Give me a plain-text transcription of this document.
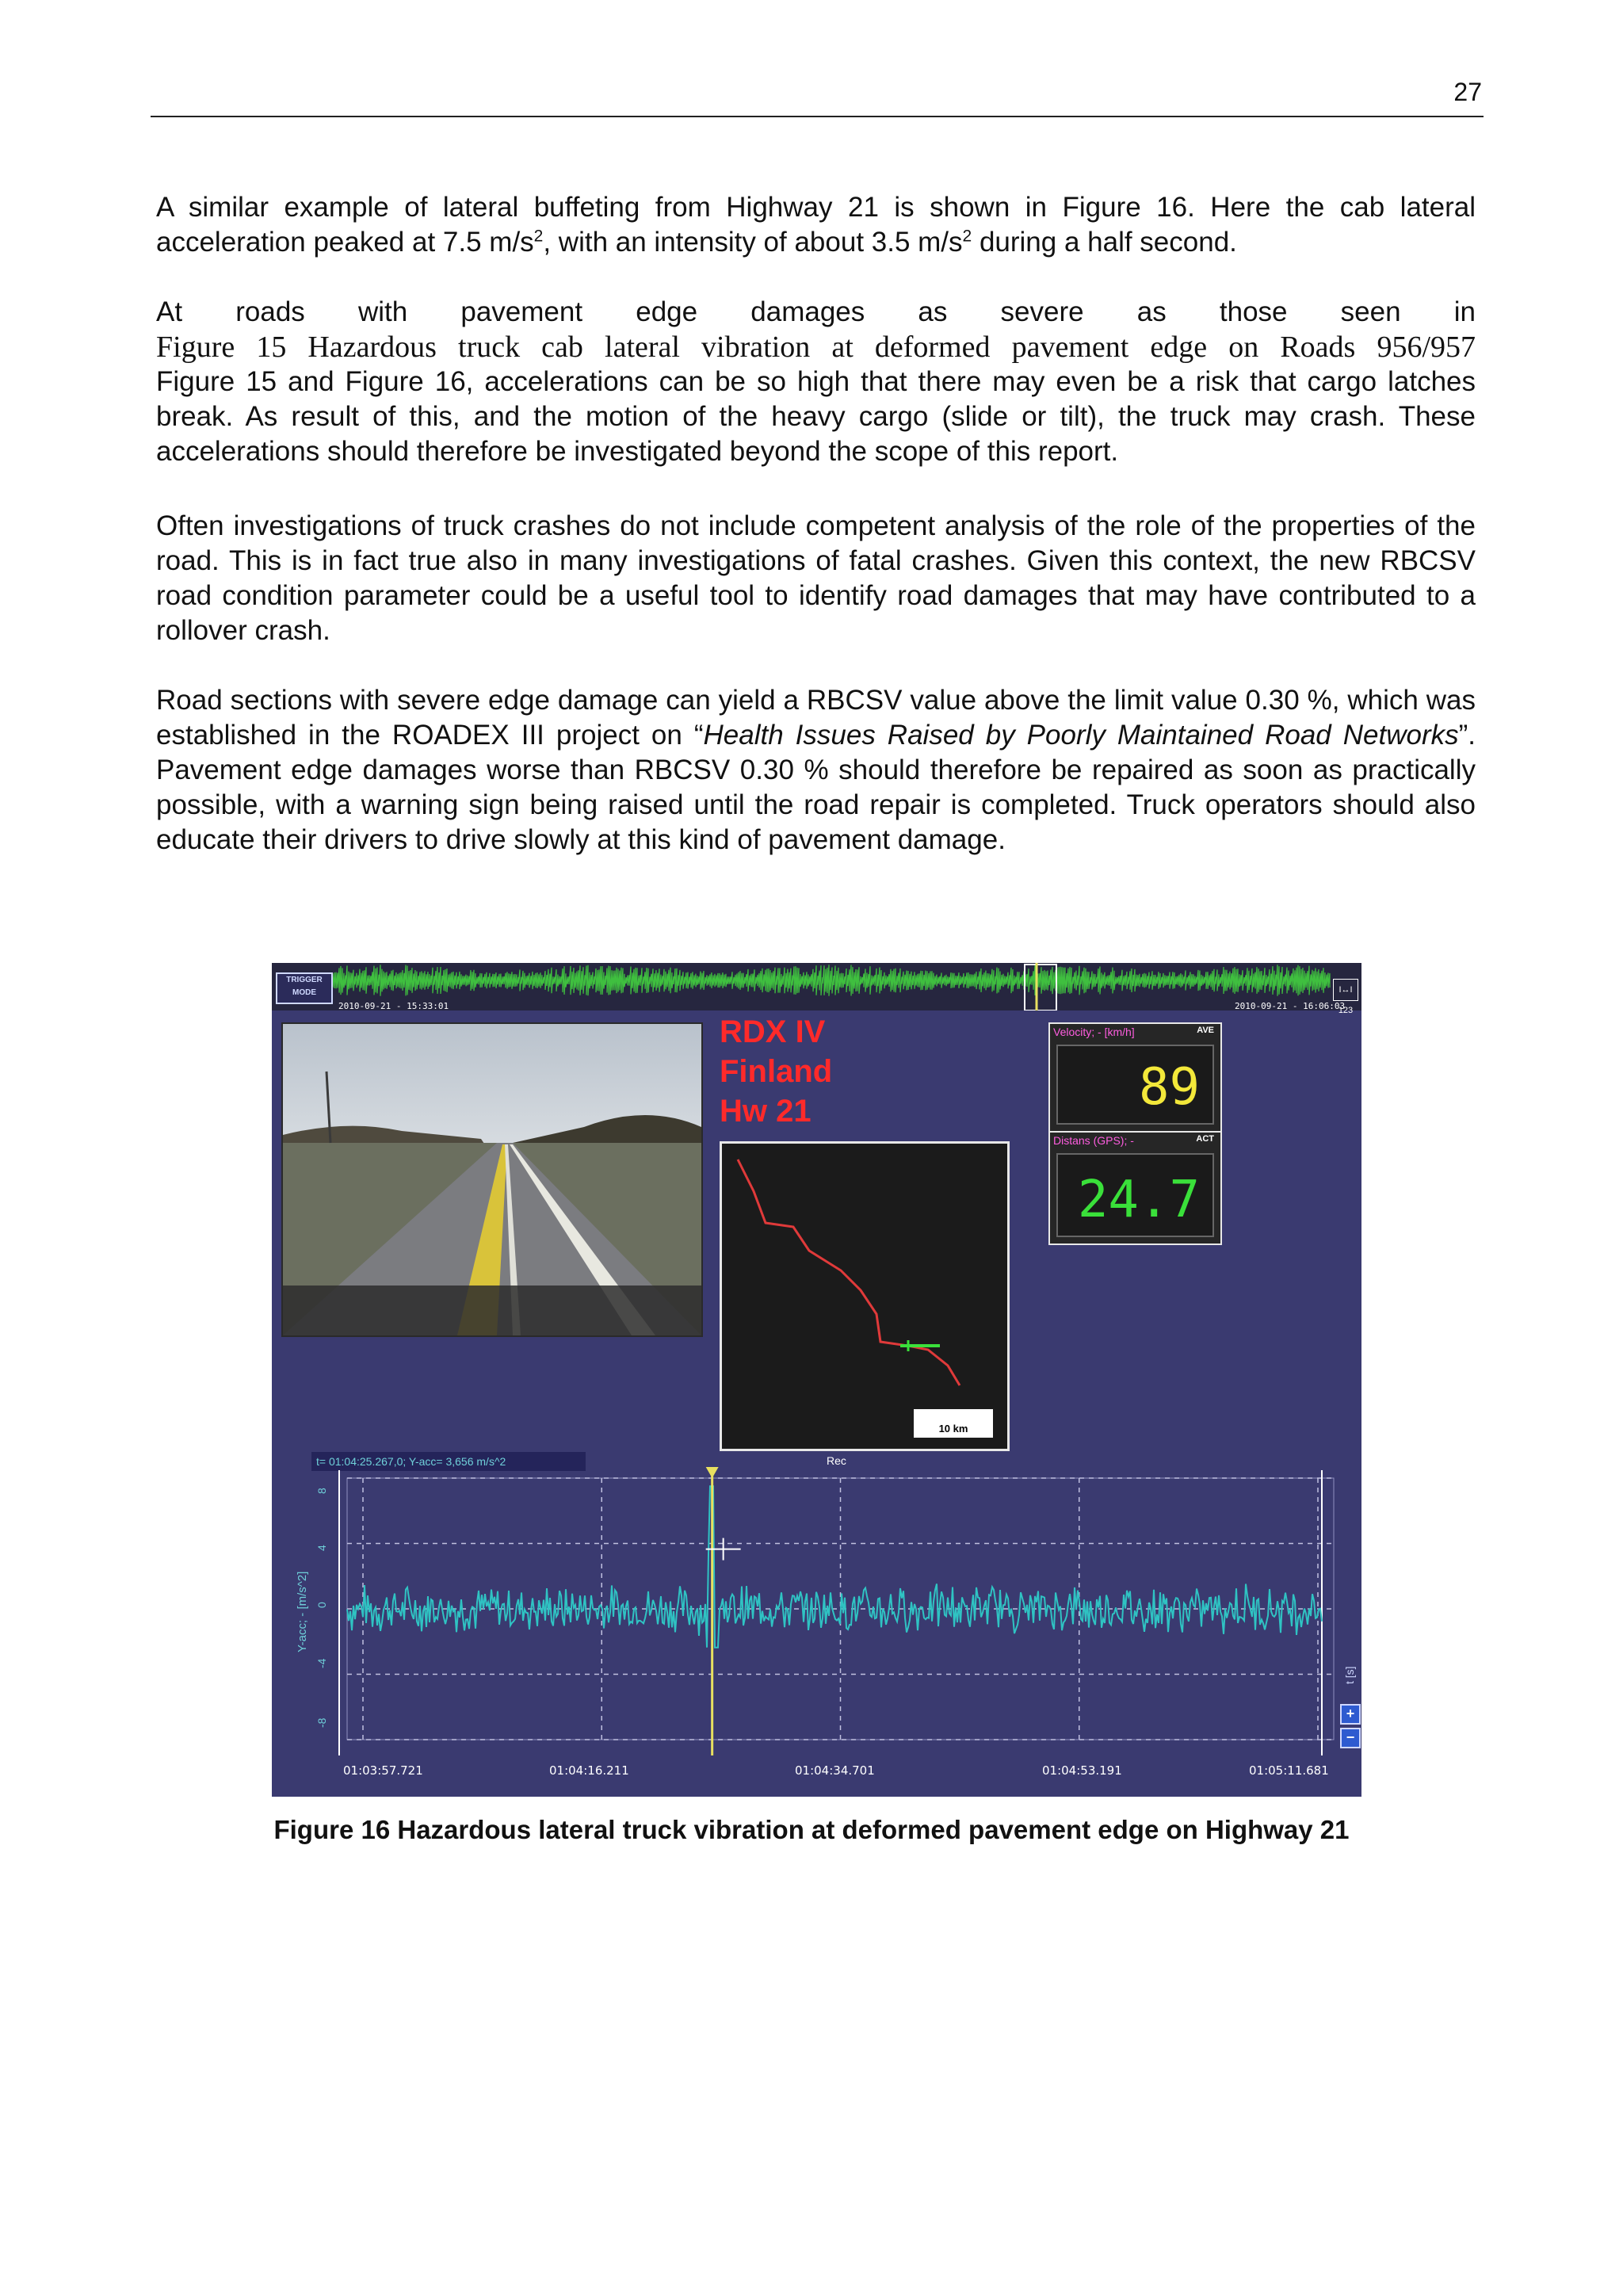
27
A similar example of lateral buffeting from Highway 21 is shown in Figure 16. Here the cab lateral
acceleration peaked at 7.5 $m/s^2$, with an intensity of about 3.5 $m/s^2$ during a half second.
At roads with pavement edge damages as severe as those seen in
Figure 15 Hazardous truck cab lateral vibration at deformed pavement edge on Roads 956/957
Figure 15 and Figure 16, accelerations can be so high that there may even be a risk that cargo latches break. As result of this, and the motion of the heavy cargo (slide or tilt), the truck may crash. These accelerations should therefore be investigated beyond the scope of this report.
Often investigations of truck crashes do not include competent analysis of the role of the properties of the road. This is in fact true also in many investigations of fatal crashes. Given this context, the new RBCSV road condition parameter could be a useful tool to identify road damages that may have contributed to a rollover crash.
Road sections with severe edge damage can yield a RBCSV value above the limit value 0.30 %, which was established in the ROADEX III project on “Health Issues Raised by Poorly Maintained Road Networks”. Pavement edge damages worse than RBCSV 0.30 % should therefore be repaired as soon as practically possible, with a warning sign being raised until the road repair is completed. Truck operators should also educate their drivers to drive slowly at this kind of pavement damage.
TRIGGER MODE
2010-09-21 - 15:33:01	2010-09-21 - 16:06:03
I↔I 123
RDX IV
Finland
Hw 21
10 km
Velocity; - [km/h]	AVE
89
Distans (GPS); -	ACT
24.7
t= 01:04:25.267,0; Y-acc= 3,656 m/s^2	Rec
Y-acc; - [m/s^2]
8
4
0
-4
-8
01:03:57.721	01:04:16.211	01:04:34.701	01:04:53.191	01:05:11.681
t [s]
+
−
Figure 16 Hazardous lateral truck vibration at deformed pavement edge on Highway 21
